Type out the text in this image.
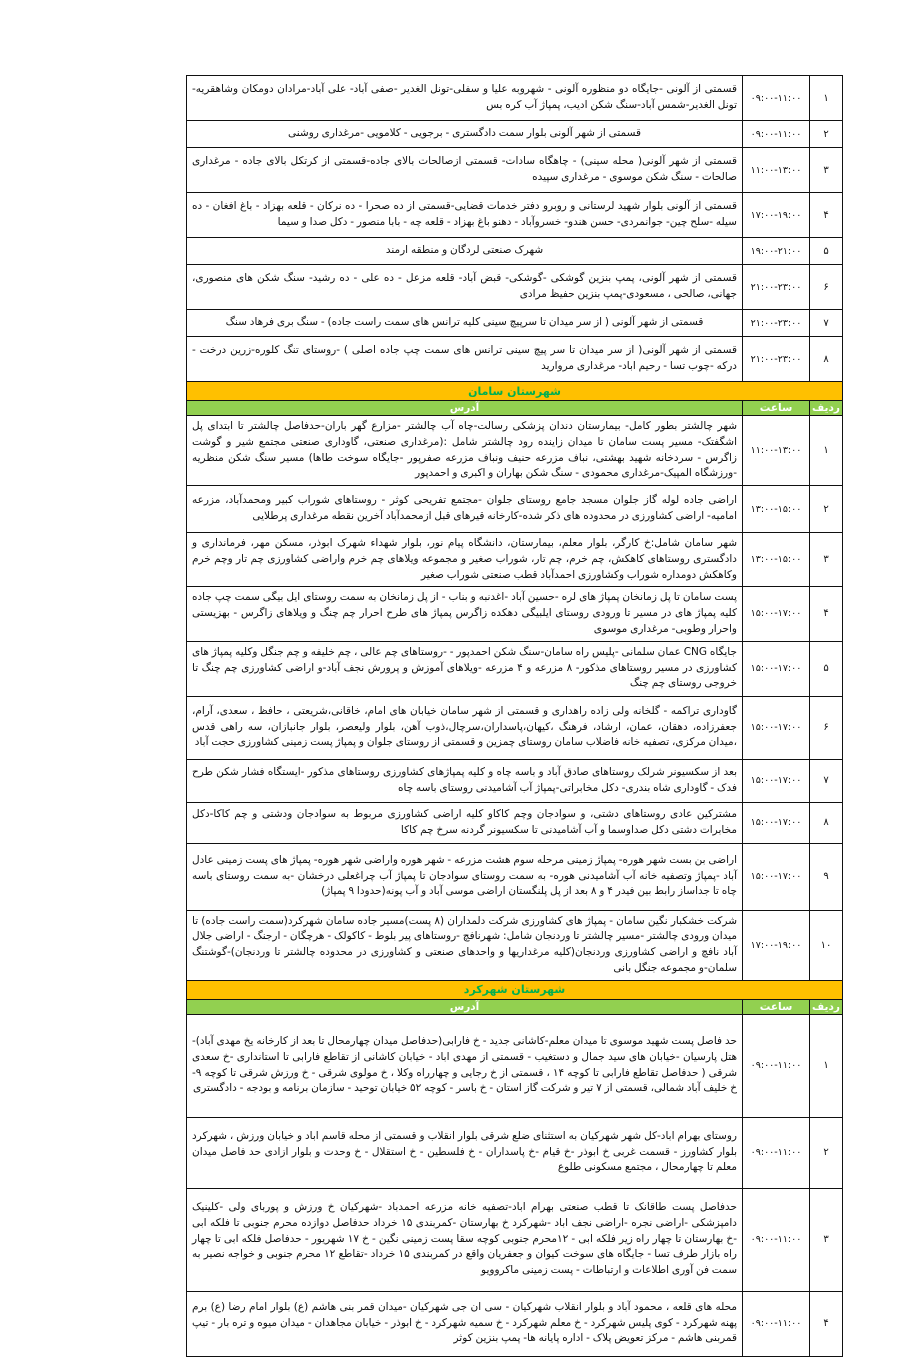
۱	۰۹:۰۰-۱۱:۰۰	قسمتی از آلونی -جایگاه دو منظوره آلونی - شهروبه علیا و سفلی-تونل الغدیر -صفی آباد- علی آباد-مرادان دومکان وشاهقریه-تونل الغدیر-شمس آباد-سنگ شکن ادیب، پمپاژ آب کره بس
۲	۰۹:۰۰-۱۱:۰۰	قسمتی از شهر آلونی بلوار سمت دادگستری - برجویی - کلامویی -مرغداری روشنی
۳	۱۱:۰۰-۱۳:۰۰	قسمتی از شهر آلونی( محله سینی) - چاهگاه سادات- قسمتی ازصالحات بالای جاده-قسمتی از کرتکل بالای جاده - مرغداری صالحات - سنگ شکن موسوی - مرغداری سپیده
۴	۱۷:۰۰-۱۹:۰۰	قسمتی از آلونی بلوار شهید لرستانی و روبرو دفتر خدمات قضایی-قسمتی از ده صحرا - ده نرکان - قلعه بهزاد - باغ افغان - ده سیله -سلح چین- جوانمردی- حسن هندو- خسروآباد - دهنو باغ بهزاد - قلعه چه - بابا منصور - دکل صدا و سیما
۵	۱۹:۰۰-۲۱:۰۰	شهرک صنعتی لردگان و منطقه ارمند
۶	۲۱:۰۰-۲۳:۰۰	قسمتی از شهر آلونی، پمپ بنزین گوشکی -گوشکی- قبض آباد- قلعه مزعل - ده علی - ده رشید- سنگ شکن های منصوری، جهانی، صالحی ، مسعودی-پمپ بنزین حفیظ مرادی
۷	۲۱:۰۰-۲۳:۰۰	قسمتی از شهر آلونی ( از سر میدان تا سرپیچ سینی کلیه ترانس های سمت راست جاده) - سنگ بری فرهاد سنگ
۸	۲۱:۰۰-۲۳:۰۰	قسمتی از شهر آلونی( از سر میدان تا سر پیچ سینی ترانس های سمت چپ جاده اصلی ) -روستای تنگ کلوره-زرین درخت - درکه -چوب تسا - رحیم اباد- مرغداری مروارید
شهرستان سامان		
ردیف	ساعت	آدرس
۱	۱۱:۰۰-۱۳:۰۰	شهر چالشتر بطور کامل- بیمارستان دندان پزشکی رسالت-چاه آب چالشتر -مزارع گهر باران-حدفاصل چالشتر تا ابتدای پل اشگفتک- مسیر پست سامان تا میدان زاینده رود چالشتر شامل :(مرغداری صنعتی، گاوداری صنعتی مجتمع شیر و گوشت زاگرس - سردخانه شهید بهشتی، نباف مزرعه حنیف ونباف مزرعه صفرپور -جایگاه سوخت طاها) مسیر سنگ شکن منظریه -ورزشگاه المپیک-مرغداری محمودی - سنگ شکن بهاران و اکبری و احمدپور
۲	۱۳:۰۰-۱۵:۰۰	اراضی جاده لوله گاز جلوان مسجد جامع روستای جلوان -مجتمع تفریحی کوثر - روستاهای شوراب کبیر ومحمدآباد، مزرعه امامیه- اراضی کشاورزی در محدوده های ذکر شده-کارخانه قیرهای قبل ازمحمدآباد آخرین نقطه مرغداری پرطلایی
۳	۱۳:۰۰-۱۵:۰۰	شهر سامان شامل:خ کارگر، بلوار معلم، بیمارستان، دانشگاه پیام نور، بلوار شهداء شهرک ابوذر، مسکن مهر، فرمانداری و دادگستری روستاهای کاهکش، چم خرم، چم تار، شوراب صغیر و مجموعه ویلاهای چم خرم واراضی کشاورزی چم تار وچم خرم وکاهکش دومداره شوراب وکشاورزی احمدآباد قطب صنعتی شوراب صغیر
۴	۱۵:۰۰-۱۷:۰۰	پست سامان تا پل زمانخان پمپاژ های لره -حسین آباد -اغدنبه و بناب - از پل زمانخان به سمت روستای ایل بیگی سمت چپ جاده کلیه پمپاژ های در مسیر تا ورودی روستای ایلبیگی دهکده زاگرس پمپاژ های طرح احرار چم چنگ و ویلاهای زاگرس - بهزیستی واحرار وطوبی- مرغداری موسوی
۵	۱۵:۰۰-۱۷:۰۰	جایگاه CNG عمان سلمانی -پلیس راه سامان-سنگ شکن احمدپور - -روستاهای چم عالی ، چم خلیفه و چم جنگل وکلیه پمپاژ های کشاورزی در مسیر روستاهای مذکور- ۸ مزرعه و ۴ مزرعه -ویلاهای آموزش و پرورش نجف آباد-و اراضی کشاورزی چم چنگ تا خروجی روستای چم چنگ
۶	۱۵:۰۰-۱۷:۰۰	گاوداری تراکمه - گلخانه ولی زاده راهداری و قسمتی از شهر سامان خیابان های امام، خاقانی،شریعتی ، حافظ ، سعدی، آرام، جعفرزاده، دهقان، عمان، ارشاد، فرهنگ ،کیهان،پاسداران،سرچال،ذوب آهن، بلوار ولیعصر، بلوار جانبازان، سه راهی قدس ،میدان مرکزی، تصفیه خانه فاضلاب سامان روستای چمزین و قسمتی از روستای جلوان و پمپاژ پست زمینی کشاورزی حجت آباد
۷	۱۵:۰۰-۱۷:۰۰	بعد از سکسیونر شرلک روستاهای صادق آباد و باسه چاه و کلیه پمپاژهای کشاورزی روستاهای مذکور -ایستگاه فشار شکن طرح فدک - گاوداری شاه بندری- دکل مخابراتی-پمپاژ آب آشامیدنی روستای باسه چاه
۸	۱۵:۰۰-۱۷:۰۰	مشترکین عادی روستاهای دشتی، و سوادجان وچم کاکاو کلیه اراضی کشاورزی مربوط به سوادجان ودشتی و چم کاکا-دکل مخابرات دشتی دکل صداوسما و آب آشامیدنی تا سکسیونر گردنه سرخ چم کاکا
۹	۱۵:۰۰-۱۷:۰۰	اراضی بن بست شهر هوره- پمپاژ زمینی مرحله سوم هشت مزرعه - شهر هوره واراضی شهر هوره- پمپاژ های پست زمینی عادل آباد -پمپاژ وتصفیه خانه آب آشامیدنی هوره- به سمت روستای سوادجان تا پمپاژ آب چراغعلی درخشان -به سمت روستای باسه چاه تا جداساز رابط بین فیدر ۴ و ۸ بعد از پل پلنگستان اراضی موسی آباد و آب پونه(حدودا ۹ پمپاژ)
۱۰	۱۷:۰۰-۱۹:۰۰	شرکت خشکبار نگین سامان - پمپاژ های کشاورزی شرکت دلمداران (۸ پست)مسیر جاده سامان شهرکرد(سمت راست جاده) تا میدان ورودی چالشتر -مسیر چالشتر تا وردنجان شامل: شهرنافچ -روستاهای پیر بلوط - کاکولک - هرچگان - ارجنگ - اراضی جلال آباد نافچ و اراضی کشاورزی وردنجان(کلیه مرغداریها و واحدهای صنعتی و کشاورزی در محدوده چالشتر تا وردنجان)-گوشتنگ سلمان-و مجموعه جنگل بانی
شهرستان شهرکرد		
ردیف	ساعت	آدرس
۱	۰۹:۰۰-۱۱:۰۰	حد فاصل پست شهید موسوی تا میدان معلم-کاشانی جدید - خ فارابی(حدفاصل میدان چهارمحال تا بعد از کارخانه یخ مهدی آباد)-هتل پارسیان -خیابان های سید جمال و دستغیب - قسمتی از مهدی اباد - خیابان کاشانی از تقاطع فارابی تا استانداری -خ سعدی شرقی ( حدفاصل تقاطع فارابی تا کوچه ۱۴ ، قسمتی از خ رجایی و چهارراه وکلا ، خ مولوی شرقی - خ ورزش شرقی تا کوچه ۹- خ خلیف آباد شمالی، قسمتی از ۷ تیر و شرکت گاز استان - خ باسر - کوچه ۵۲ خیابان توحید - سازمان برنامه و بودجه - دادگستری
۲	۰۹:۰۰-۱۱:۰۰	روستای بهرام اباد-کل شهر شهرکیان به استثنای ضلع شرقی بلوار انقلاب و قسمتی از محله قاسم اباد و خیابان ورزش ، شهرکرد بلوار کشاورز - قسمت غربی خ ابوذر -خ قیام -خ پاسداران - خ فلسطین - خ استقلال - خ وحدت و بلوار ازادی حد فاصل میدان معلم تا چهارمحال ، مجتمع مسکونی طلوع
۳	۰۹:۰۰-۱۱:۰۰	حدفاصل پست طاقانک تا قطب صنعتی بهرام اباد-تصفیه خانه مزرعه احمدباد -شهرکیان خ ورزش و پوربای ولی -کلینیک دامپزشکی -اراضی نجره -اراضی نجف اباد -شهرکرد خ بهارستان -کمربندی ۱۵ خرداد حدفاصل دوازده محرم جنوبی تا فلکه ابی -خ بهارستان تا چهار راه زیر فلکه ابی - ۱۲محرم جنوبی کوچه سقا پست زمینی نگین - خ ۱۷ شهریور - حدفاصل فلکه ابی تا چهار راه بازار طرف تسا - جایگاه های سوخت کیوان و جعفریان واقع در کمربندی ۱۵ خرداد -تقاطع ۱۲ محرم جنوبی و خواجه نصیر به سمت فن آوری اطلاعات و ارتباطات - پست زمینی ماکروویو
۴	۰۹:۰۰-۱۱:۰۰	محله های قلعه ، محمود آباد و بلوار انقلاب شهرکیان - سی ان جی شهرکیان -میدان قمر بنی هاشم (ع) بلوار امام رضا (ع) برم پهنه شهرکرد - کوی پلیس شهرکرد - خ معلم شهرکرد - خ سمیه شهرکرد - خ ابوذر - خیابان مجاهدان - میدان میوه و تره بار - تیپ قمربنی هاشم - مرکز تعویض پلاک - اداره پایانه ها- پمپ بنزین کوثر
